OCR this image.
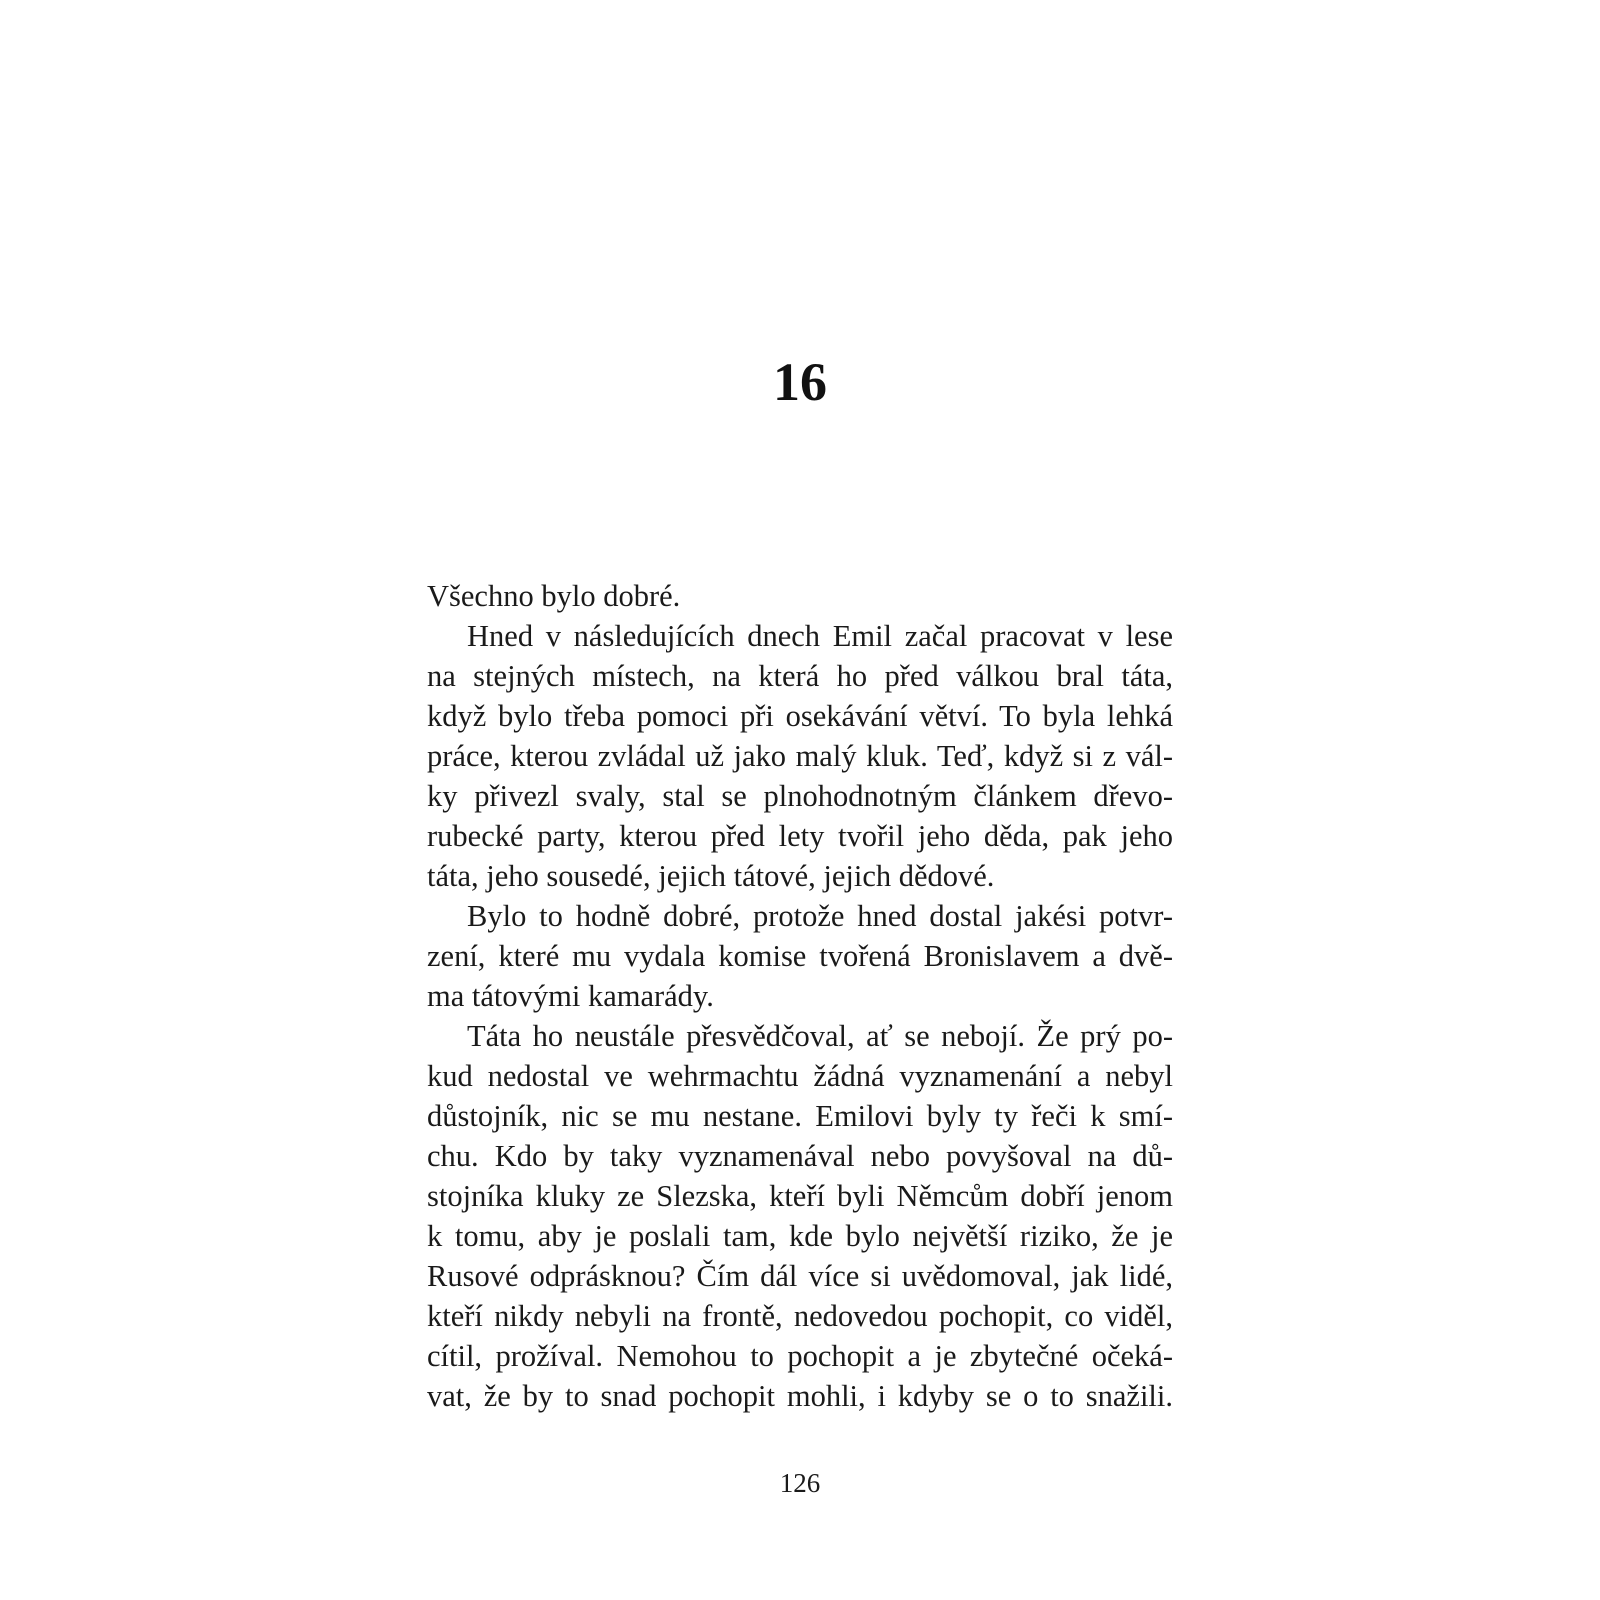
16
Všechno bylo dobré.
Hned v následujících dnech Emil začal pracovat v lese
na stejných místech, na která ho před válkou bral táta,
když bylo třeba pomoci při osekávání větví. To byla lehká
práce, kterou zvládal už jako malý kluk. Teď, když si z vál-
ky přivezl svaly, stal se plnohodnotným článkem dřevo-
rubecké party, kterou před lety tvořil jeho děda, pak jeho
táta, jeho sousedé, jejich tátové, jejich dědové.
Bylo to hodně dobré, protože hned dostal jakési potvr-
zení, které mu vydala komise tvořená Bronislavem a dvě-
ma tátovými kamarády.
Táta ho neustále přesvědčoval, ať se nebojí. Že prý po-
kud nedostal ve wehrmachtu žádná vyznamenání a nebyl
důstojník, nic se mu nestane. Emilovi byly ty řeči k smí-
chu. Kdo by taky vyznamenával nebo povyšoval na dů-
stojníka kluky ze Slezska, kteří byli Němcům dobří jenom
k tomu, aby je poslali tam, kde bylo největší riziko, že je
Rusové odprásknou? Čím dál více si uvědomoval, jak lidé,
kteří nikdy nebyli na frontě, nedovedou pochopit, co viděl,
cítil, prožíval. Nemohou to pochopit a je zbytečné očeká-
vat, že by to snad pochopit mohli, i kdyby se o to snažili.
126
